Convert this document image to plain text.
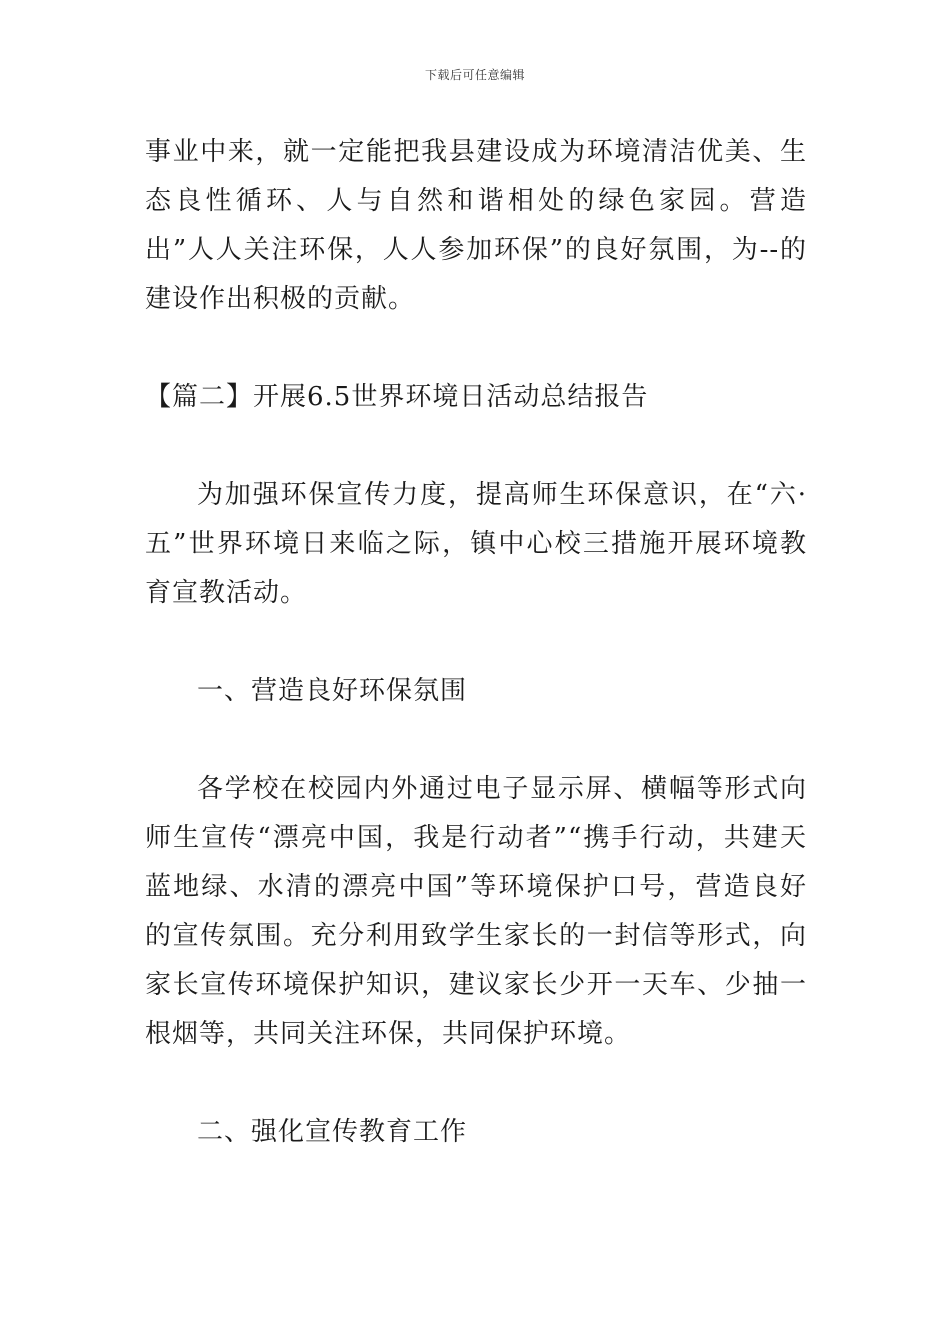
下载后可任意编辑

事业中来，就一定能把我县建设成为环境清洁优美、生态良性循环、人与自然和谐相处的绿色家园。营造出”人人关注环保，人人参加环保”的良好氛围，为--的建设作出积极的贡献。

【篇二】开展6.5世界环境日活动总结报告

为加强环保宣传力度，提高师生环保意识，在“六·五”世界环境日来临之际，镇中心校三措施开展环境教育宣教活动。

一、营造良好环保氛围

各学校在校园内外通过电子显示屏、横幅等形式向师生宣传“漂亮中国，我是行动者”“携手行动，共建天蓝地绿、水清的漂亮中国”等环境保护口号，营造良好的宣传氛围。充分利用致学生家长的一封信等形式，向家长宣传环境保护知识，建议家长少开一天车、少抽一根烟等，共同关注环保，共同保护环境。

二、强化宣传教育工作
